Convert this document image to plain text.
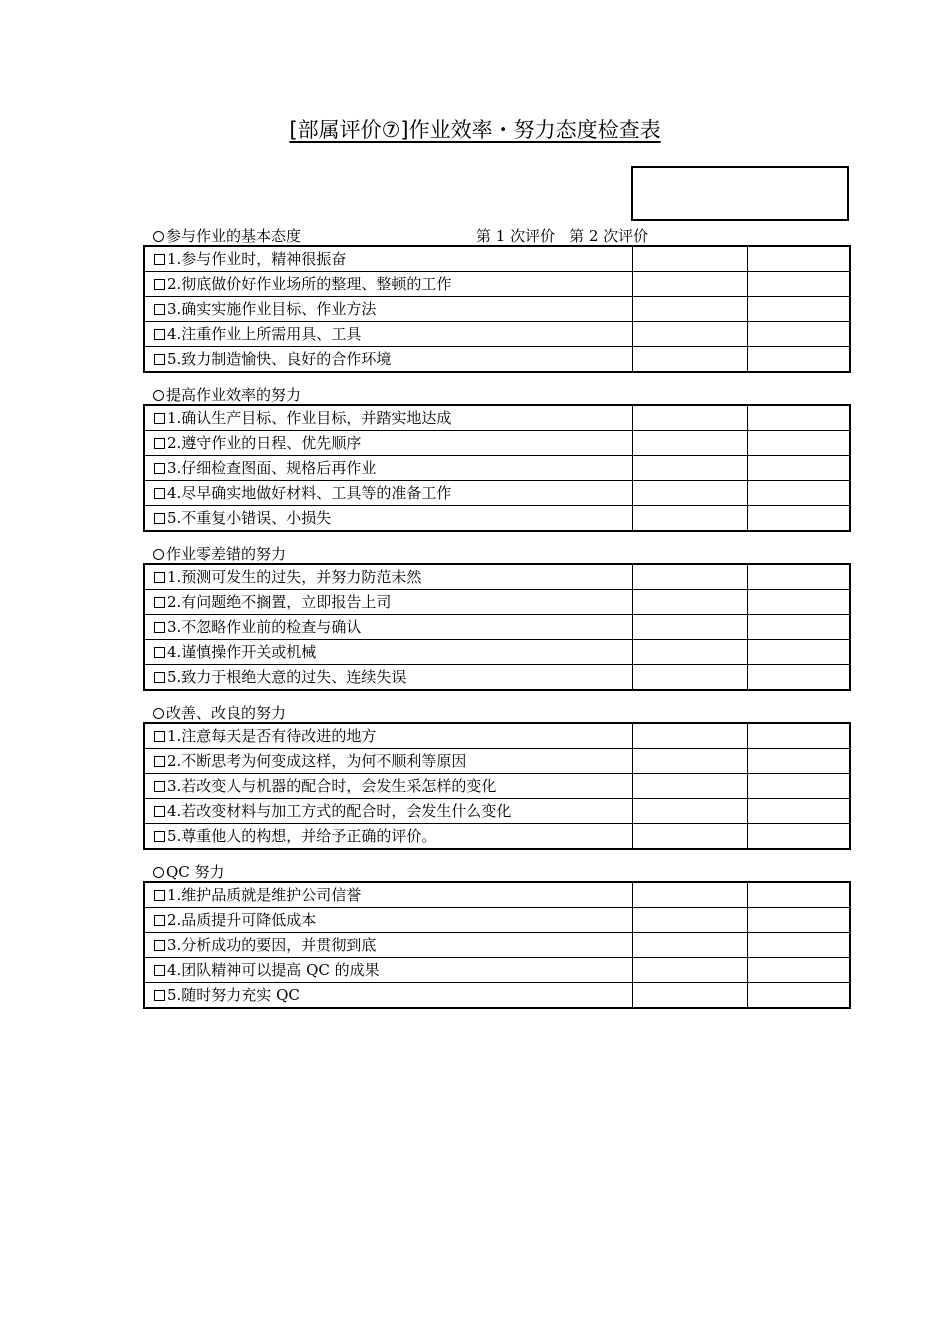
[部属评价⑦]作业效率・努力态度检查表
第 1 次评价 第 2 次评价
参与作业的基本态度
1.参与作业时，精神很振奋		
2.彻底做价好作业场所的整理、整顿的工作		
3.确实实施作业目标、作业方法		
4.注重作业上所需用具、工具		
5.致力制造愉快、良好的合作环境		
提高作业效率的努力
1.确认生产目标、作业目标，并踏实地达成		
2.遵守作业的日程、优先顺序		
3.仔细检查图面、规格后再作业		
4.尽早确实地做好材料、工具等的准备工作		
5.不重复小错误、小损失		
作业零差错的努力
1.预测可发生的过失，并努力防范未然		
2.有问题绝不搁置，立即报告上司		
3.不忽略作业前的检查与确认		
4.谨慎操作开关或机械		
5.致力于根绝大意的过失、连续失误		
改善、改良的努力
1.注意每天是否有待改进的地方		
2.不断思考为何变成这样，为何不顺利等原因		
3.若改变人与机器的配合时，会发生采怎样的变化		
4.若改变材料与加工方式的配合时，会发生什么变化		
5.尊重他人的构想，并给予正确的评价。		
QC 努力
1.维护品质就是维护公司信誉		
2.品质提升可降低成本		
3.分析成功的要因，并贯彻到底		
4.团队精神可以提高 QC 的成果		
5.随时努力充实 QC		
